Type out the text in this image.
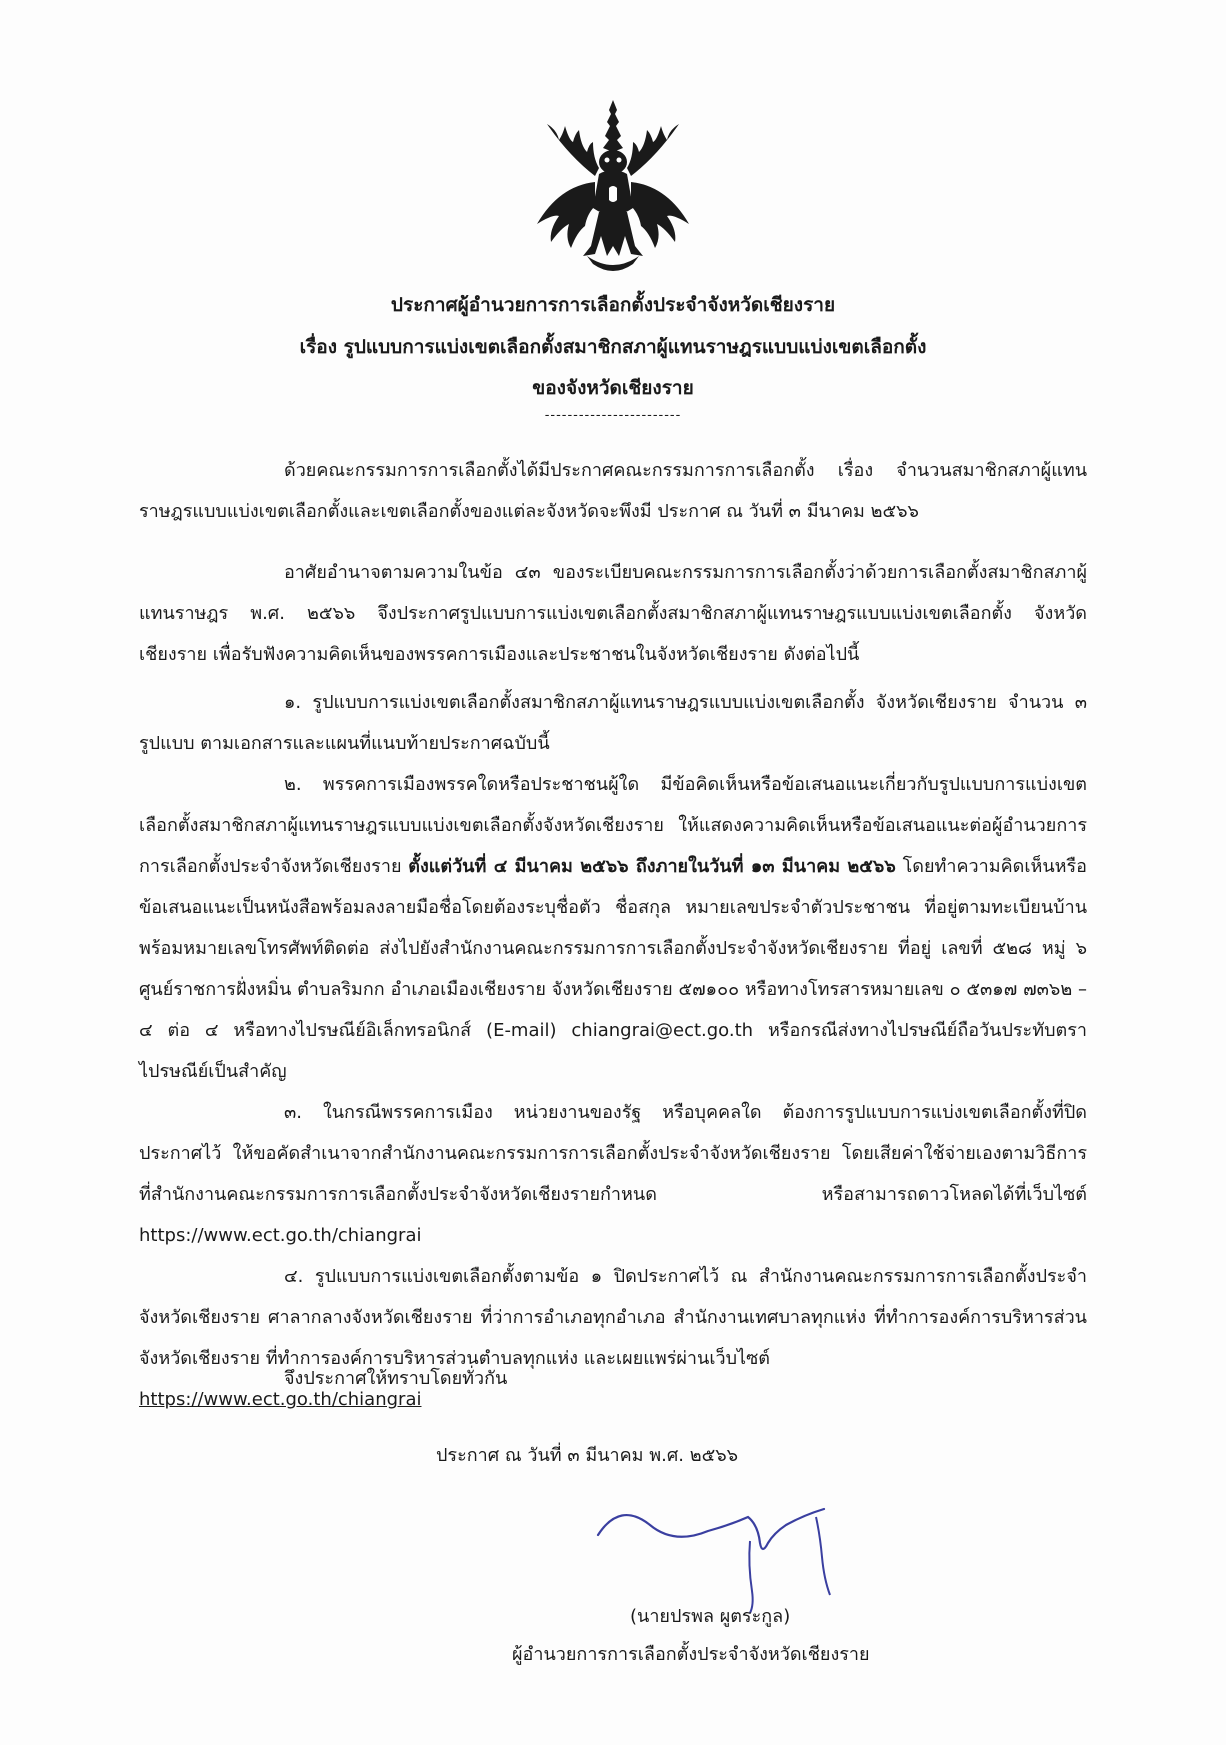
ประกาศผู้อำนวยการการเลือกตั้งประจำจังหวัดเชียงราย
เรื่อง รูปแบบการแบ่งเขตเลือกตั้งสมาชิกสภาผู้แทนราษฎรแบบแบ่งเขตเลือกตั้ง
ของจังหวัดเชียงราย
------------------------

ด้วยคณะกรรมการการเลือกตั้งได้มีประกาศคณะกรรมการการเลือกตั้ง เรื่อง จำนวนสมาชิกสภาผู้แทนราษฎรแบบแบ่งเขตเลือกตั้งและเขตเลือกตั้งของแต่ละจังหวัดจะพึงมี ประกาศ ณ วันที่ ๓ มีนาคม ๒๕๖๖

อาศัยอำนาจตามความในข้อ ๔๓ ของระเบียบคณะกรรมการการเลือกตั้งว่าด้วยการเลือกตั้งสมาชิกสภาผู้แทนราษฎร พ.ศ. ๒๕๖๖ จึงประกาศรูปแบบการแบ่งเขตเลือกตั้งสมาชิกสภาผู้แทนราษฎรแบบแบ่งเขตเลือกตั้ง จังหวัดเชียงราย เพื่อรับฟังความคิดเห็นของพรรคการเมืองและประชาชนในจังหวัดเชียงราย ดังต่อไปนี้

๑. รูปแบบการแบ่งเขตเลือกตั้งสมาชิกสภาผู้แทนราษฎรแบบแบ่งเขตเลือกตั้ง จังหวัดเชียงราย จำนวน ๓ รูปแบบ ตามเอกสารและแผนที่แนบท้ายประกาศฉบับนี้

๒. พรรคการเมืองพรรคใดหรือประชาชนผู้ใด มีข้อคิดเห็นหรือข้อเสนอแนะเกี่ยวกับรูปแบบการแบ่งเขตเลือกตั้งสมาชิกสภาผู้แทนราษฎรแบบแบ่งเขตเลือกตั้งจังหวัดเชียงราย ให้แสดงความคิดเห็นหรือข้อเสนอแนะต่อผู้อำนวยการการเลือกตั้งประจำจังหวัดเชียงราย ตั้งแต่วันที่ ๔ มีนาคม ๒๕๖๖ ถึงภายในวันที่ ๑๓ มีนาคม ๒๕๖๖ โดยทำความคิดเห็นหรือข้อเสนอแนะเป็นหนังสือพร้อมลงลายมือชื่อโดยต้องระบุชื่อตัว ชื่อสกุล หมายเลขประจำตัวประชาชน ที่อยู่ตามทะเบียนบ้าน พร้อมหมายเลขโทรศัพท์ติดต่อ ส่งไปยังสำนักงานคณะกรรมการการเลือกตั้งประจำจังหวัดเชียงราย ที่อยู่ เลขที่ ๕๒๘ หมู่ ๖ ศูนย์ราชการฝั่งหมิ่น ตำบลริมกก อำเภอเมืองเชียงราย จังหวัดเชียงราย ๕๗๑๐๐ หรือทางโทรสารหมายเลข ๐ ๕๓๑๗ ๗๓๖๒ – ๔ ต่อ ๔ หรือทางไปรษณีย์อิเล็กทรอนิกส์ (E-mail) chiangrai@ect.go.th หรือกรณีส่งทางไปรษณีย์ถือวันประทับตราไปรษณีย์เป็นสำคัญ

๓. ในกรณีพรรคการเมือง หน่วยงานของรัฐ หรือบุคคลใด ต้องการรูปแบบการแบ่งเขตเลือกตั้งที่ปิดประกาศไว้ ให้ขอคัดสำเนาจากสำนักงานคณะกรรมการการเลือกตั้งประจำจังหวัดเชียงราย โดยเสียค่าใช้จ่ายเองตามวิธีการที่สำนักงานคณะกรรมการการเลือกตั้งประจำจังหวัดเชียงรายกำหนด หรือสามารถดาวโหลดได้ที่เว็บไซต์ https://www.ect.go.th/chiangrai

๔. รูปแบบการแบ่งเขตเลือกตั้งตามข้อ ๑ ปิดประกาศไว้ ณ สำนักงานคณะกรรมการการเลือกตั้งประจำจังหวัดเชียงราย ศาลากลางจังหวัดเชียงราย ที่ว่าการอำเภอทุกอำเภอ สำนักงานเทศบาลทุกแห่ง ที่ทำการองค์การบริหารส่วนจังหวัดเชียงราย ที่ทำการองค์การบริหารส่วนตำบลทุกแห่ง และเผยแพร่ผ่านเว็บไซต์
https://www.ect.go.th/chiangrai

จึงประกาศให้ทราบโดยทั่วกัน
ประกาศ ณ วันที่ ๓ มีนาคม พ.ศ. ๒๕๖๖
(นายปรพล ผูตระกูล)
ผู้อำนวยการการเลือกตั้งประจำจังหวัดเชียงราย
